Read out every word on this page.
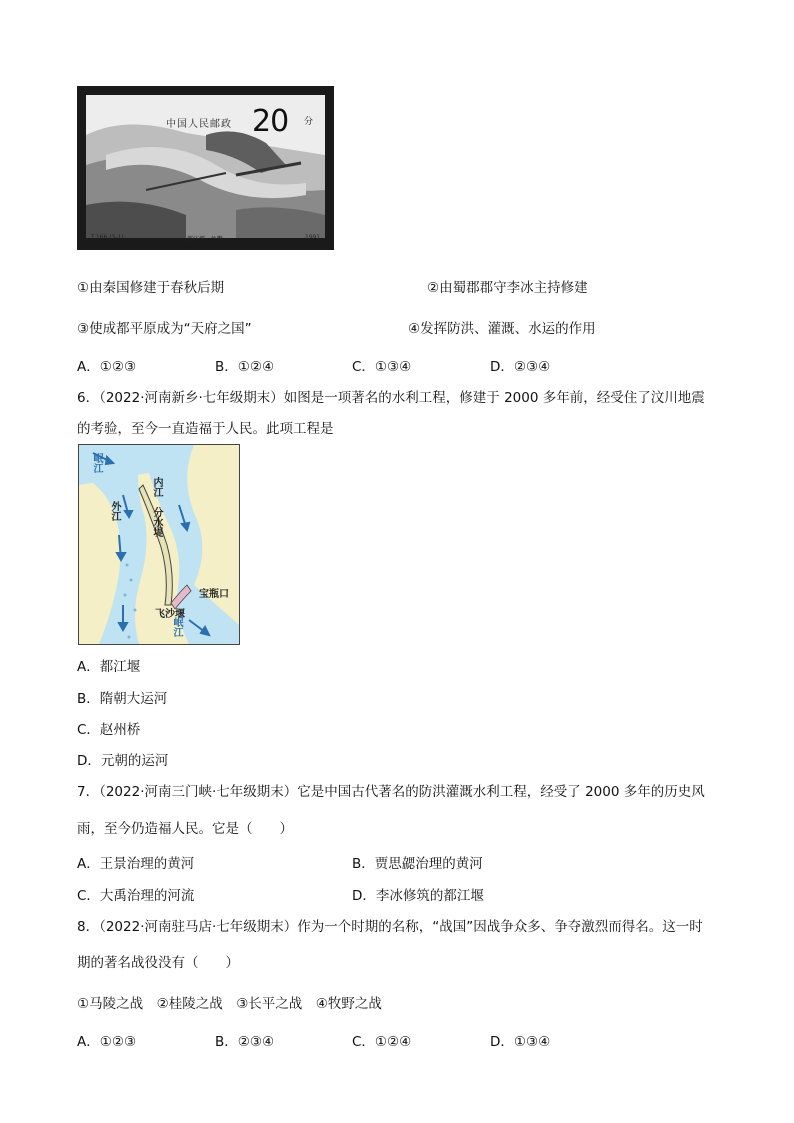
中国人民邮政 20 分
T.166.(3-1)	都江堰 · 鱼嘴	1991
①由秦国修建于春秋后期	②由蜀郡郡守李冰主持修建
③使成都平原成为“天府之国”	④发挥防洪、灌溉、水运的作用
A．①②③	B．①②④	C．①③④	D．②③④
6．（2022·河南新乡·七年级期末）如图是一项著名的水利工程，修建于 2000 多年前，经受住了汶川地震
的考验，至今一直造福于人民。此项工程是
岷江
内江
外江	分水堤
宝瓶口
飞沙堰
岷江
A．都江堰
B．隋朝大运河
C．赵州桥
D．元朝的运河
7．（2022·河南三门峡·七年级期末）它是中国古代著名的防洪灌溉水利工程，经受了 2000 多年的历史风
雨，至今仍造福人民。它是（　　）
A．王景治理的黄河	B．贾思勰治理的黄河
C．大禹治理的河流	D．李冰修筑的都江堰
8．（2022·河南驻马店·七年级期末）作为一个时期的名称，“战国”因战争众多、争夺激烈而得名。这一时
期的著名战役没有（　　）
①马陵之战　②桂陵之战　③长平之战　④牧野之战
A．①②③	B．②③④	C．①②④	D．①③④
